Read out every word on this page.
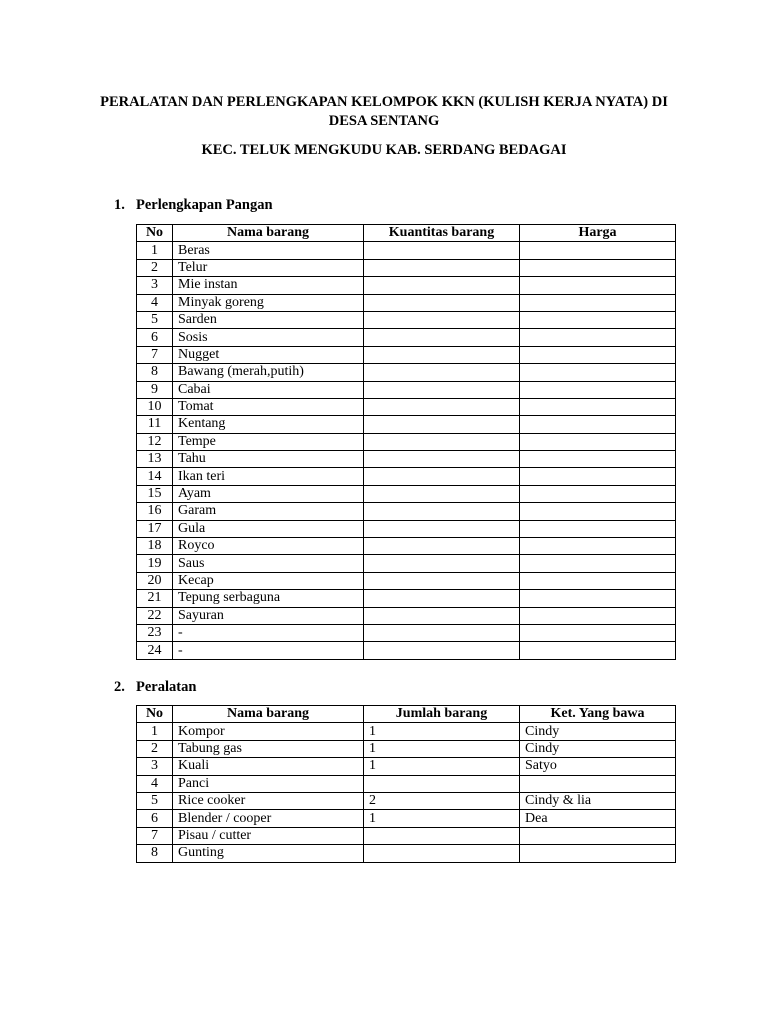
PERALATAN DAN PERLENGKAPAN KELOMPOK KKN (KULISH KERJA NYATA) DI DESA SENTANG
KEC. TELUK MENGKUDU KAB. SERDANG BEDAGAI
1. Perlengkapan Pangan
No	Nama barang	Kuantitas barang	Harga
1	Beras		
2	Telur		
3	Mie instan		
4	Minyak goreng		
5	Sarden		
6	Sosis		
7	Nugget		
8	Bawang (merah,putih)		
9	Cabai		
10	Tomat		
11	Kentang		
12	Tempe		
13	Tahu		
14	Ikan teri		
15	Ayam		
16	Garam		
17	Gula		
18	Royco		
19	Saus		
20	Kecap		
21	Tepung serbaguna		
22	Sayuran		
23	-		
24	-		
2. Peralatan
No	Nama barang	Jumlah barang	Ket. Yang bawa
1	Kompor	1	Cindy
2	Tabung gas	1	Cindy
3	Kuali	1	Satyo
4	Panci		
5	Rice cooker	2	Cindy & lia
6	Blender / cooper	1	Dea
7	Pisau / cutter		
8	Gunting		
